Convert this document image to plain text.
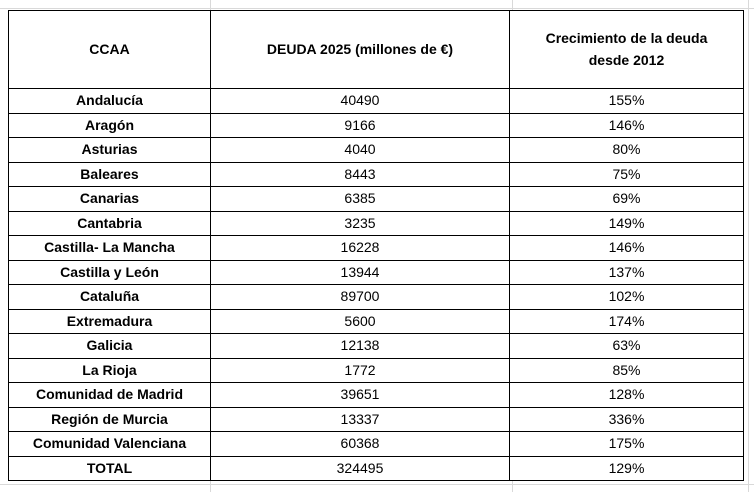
CCAA	DEUDA 2025 (millones de €)	Crecimiento de la deuda desde 2012
Andalucía	40490	155%
Aragón	9166	146%
Asturias	4040	80%
Baleares	8443	75%
Canarias	6385	69%
Cantabria	3235	149%
Castilla- La Mancha	16228	146%
Castilla y León	13944	137%
Cataluña	89700	102%
Extremadura	5600	174%
Galicia	12138	63%
La Rioja	1772	85%
Comunidad de Madrid	39651	128%
Región de Murcia	13337	336%
Comunidad Valenciana	60368	175%
TOTAL	324495	129%
